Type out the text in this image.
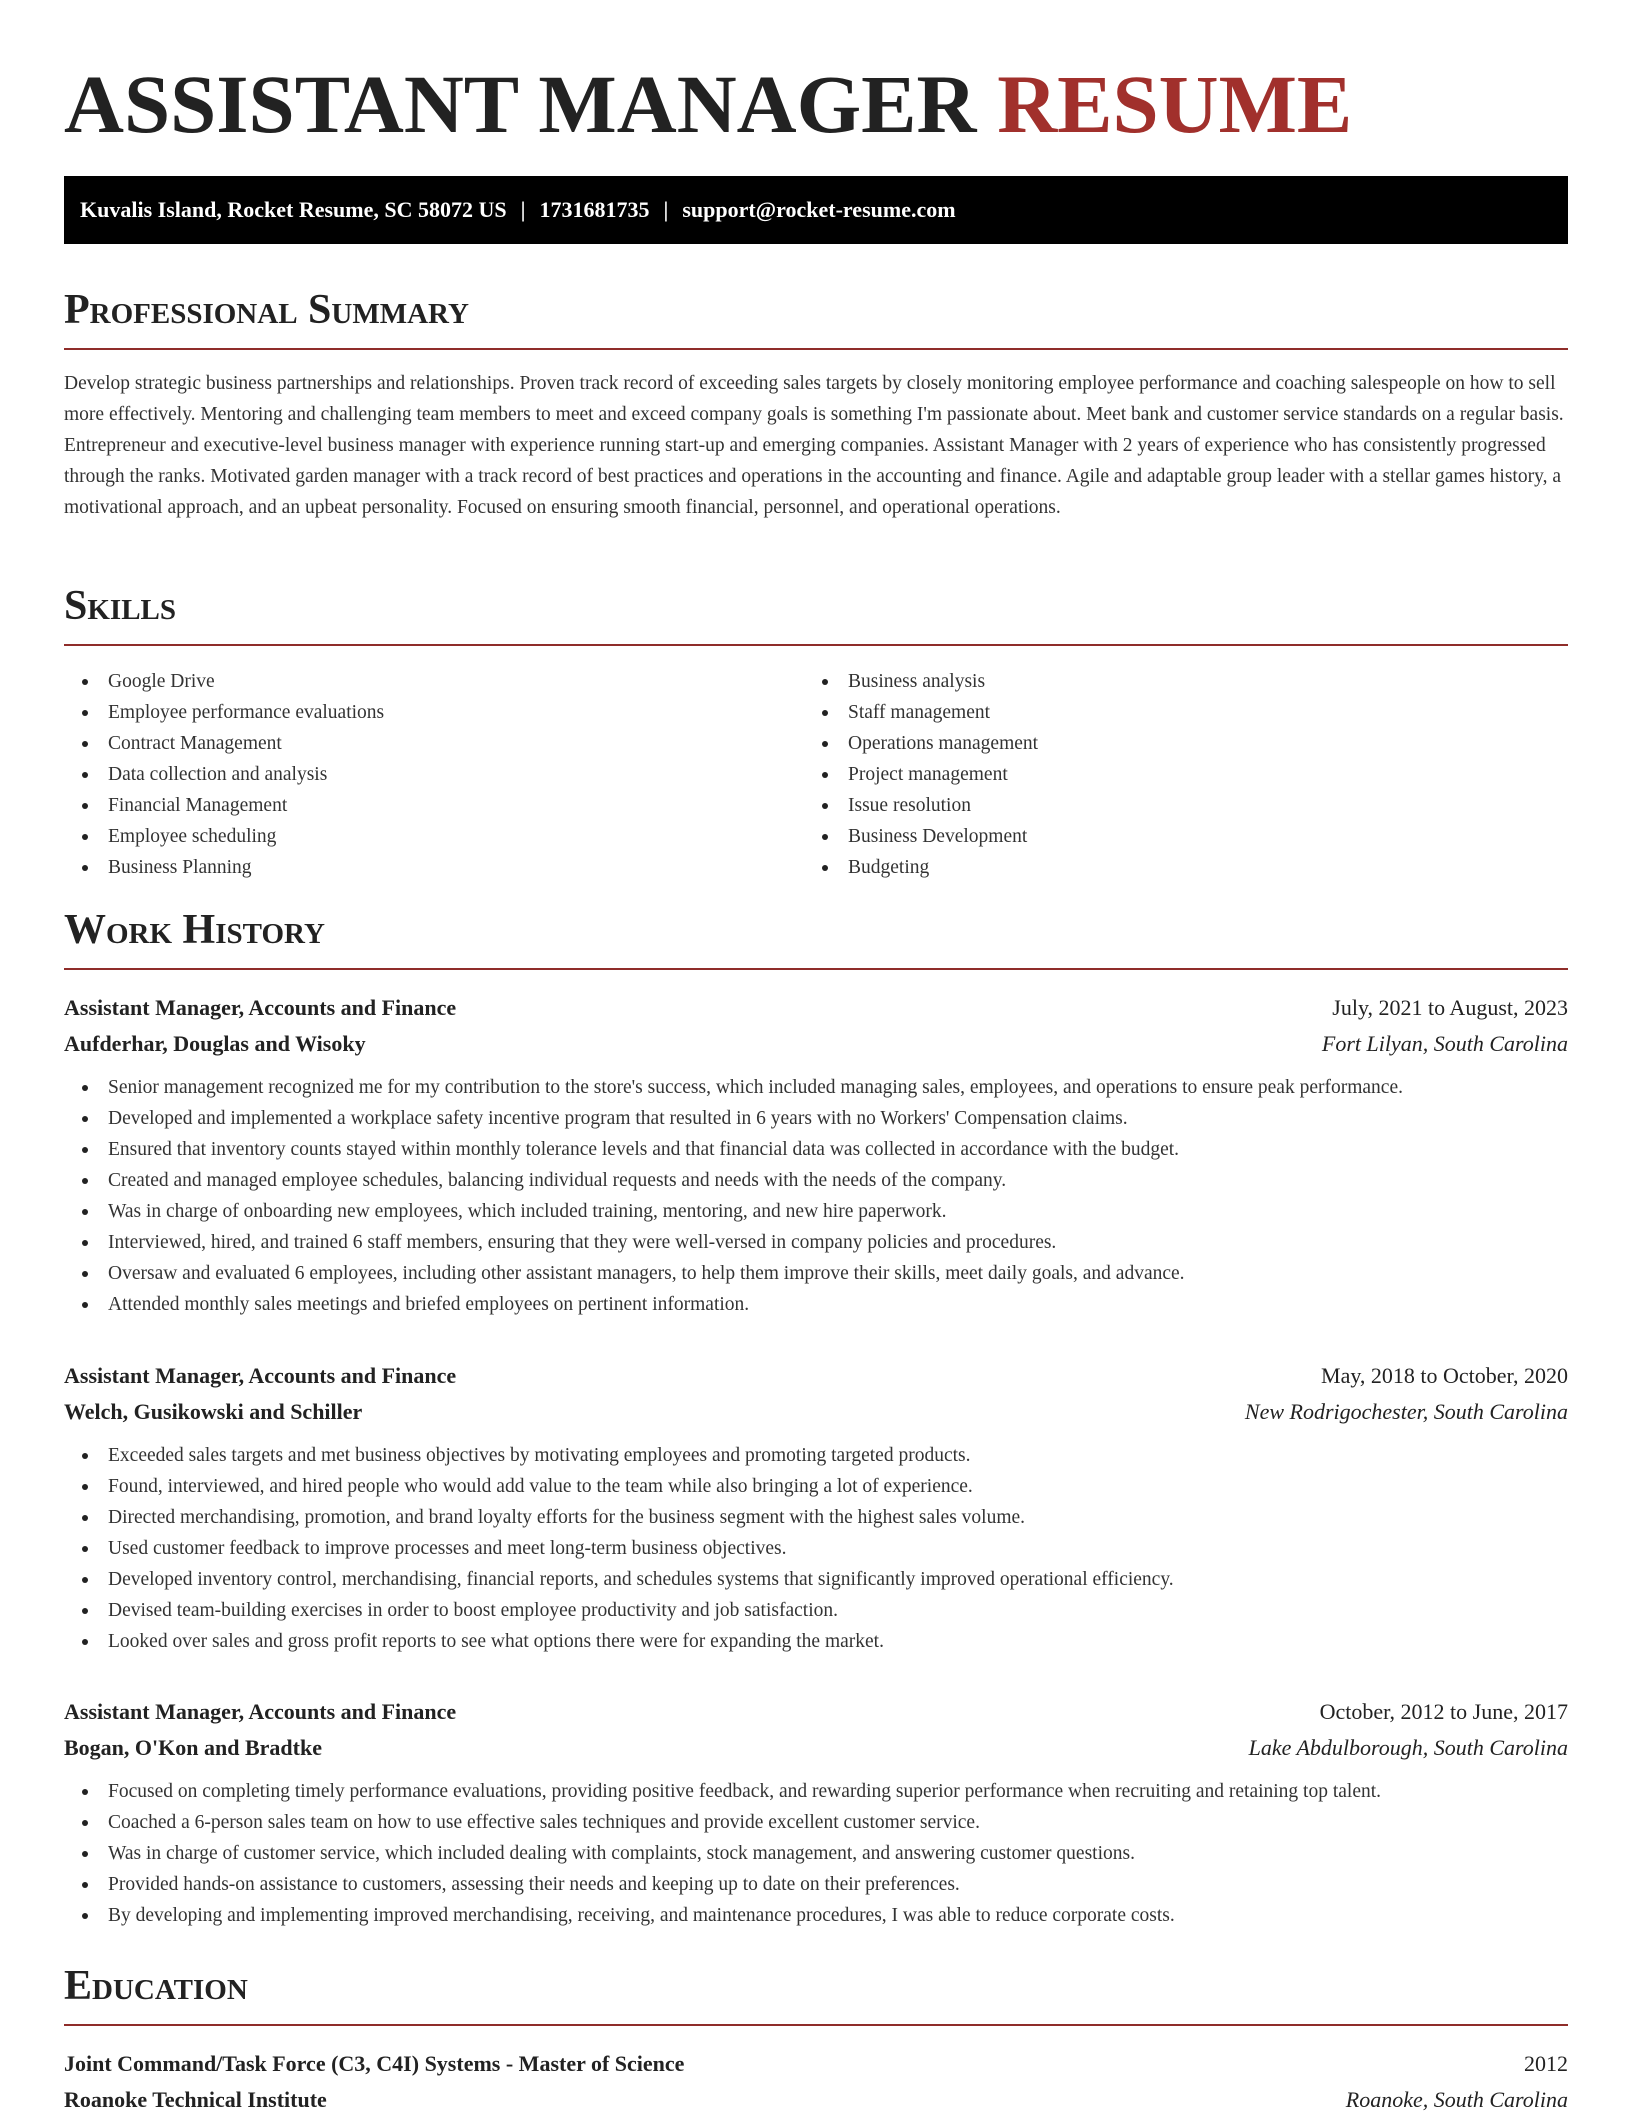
ASSISTANT MANAGER RESUME
Kuvalis Island, Rocket Resume, SC 58072 US | 1731681735 | support@rocket-resume.com
Professional Summary

Develop strategic business partnerships and relationships. Proven track record of exceeding sales targets by closely monitoring employee performance and coaching salespeople on how to sell more effectively. Mentoring and challenging team members to meet and exceed company goals is something I'm passionate about. Meet bank and customer service standards on a regular basis. Entrepreneur and executive-level business manager with experience running start-up and emerging companies. Assistant Manager with 2 years of experience who has consistently progressed through the ranks. Motivated garden manager with a track record of best practices and operations in the accounting and finance. Agile and adaptable group leader with a stellar games history, a motivational approach, and an upbeat personality. Focused on ensuring smooth financial, personnel, and operational operations.

Skills
Google Drive
Employee performance evaluations
Contract Management
Data collection and analysis
Financial Management
Employee scheduling
Business Planning
Business analysis
Staff management
Operations management
Project management
Issue resolution
Business Development
Budgeting
Work History
Assistant Manager, Accounts and Finance	July, 2021 to August, 2023
Aufderhar, Douglas and Wisoky	Fort Lilyan, South Carolina
Senior management recognized me for my contribution to the store's success, which included managing sales, employees, and operations to ensure peak performance.
Developed and implemented a workplace safety incentive program that resulted in 6 years with no Workers' Compensation claims.
Ensured that inventory counts stayed within monthly tolerance levels and that financial data was collected in accordance with the budget.
Created and managed employee schedules, balancing individual requests and needs with the needs of the company.
Was in charge of onboarding new employees, which included training, mentoring, and new hire paperwork.
Interviewed, hired, and trained 6 staff members, ensuring that they were well-versed in company policies and procedures.
Oversaw and evaluated 6 employees, including other assistant managers, to help them improve their skills, meet daily goals, and advance.
Attended monthly sales meetings and briefed employees on pertinent information.
Assistant Manager, Accounts and Finance	May, 2018 to October, 2020
Welch, Gusikowski and Schiller	New Rodrigochester, South Carolina
Exceeded sales targets and met business objectives by motivating employees and promoting targeted products.
Found, interviewed, and hired people who would add value to the team while also bringing a lot of experience.
Directed merchandising, promotion, and brand loyalty efforts for the business segment with the highest sales volume.
Used customer feedback to improve processes and meet long-term business objectives.
Developed inventory control, merchandising, financial reports, and schedules systems that significantly improved operational efficiency.
Devised team-building exercises in order to boost employee productivity and job satisfaction.
Looked over sales and gross profit reports to see what options there were for expanding the market.
Assistant Manager, Accounts and Finance	October, 2012 to June, 2017
Bogan, O'Kon and Bradtke	Lake Abdulborough, South Carolina
Focused on completing timely performance evaluations, providing positive feedback, and rewarding superior performance when recruiting and retaining top talent.
Coached a 6-person sales team on how to use effective sales techniques and provide excellent customer service.
Was in charge of customer service, which included dealing with complaints, stock management, and answering customer questions.
Provided hands-on assistance to customers, assessing their needs and keeping up to date on their preferences.
By developing and implementing improved merchandising, receiving, and maintenance procedures, I was able to reduce corporate costs.
Education
Joint Command/Task Force (C3, C4I) Systems - Master of Science	2012
Roanoke Technical Institute	Roanoke, South Carolina
